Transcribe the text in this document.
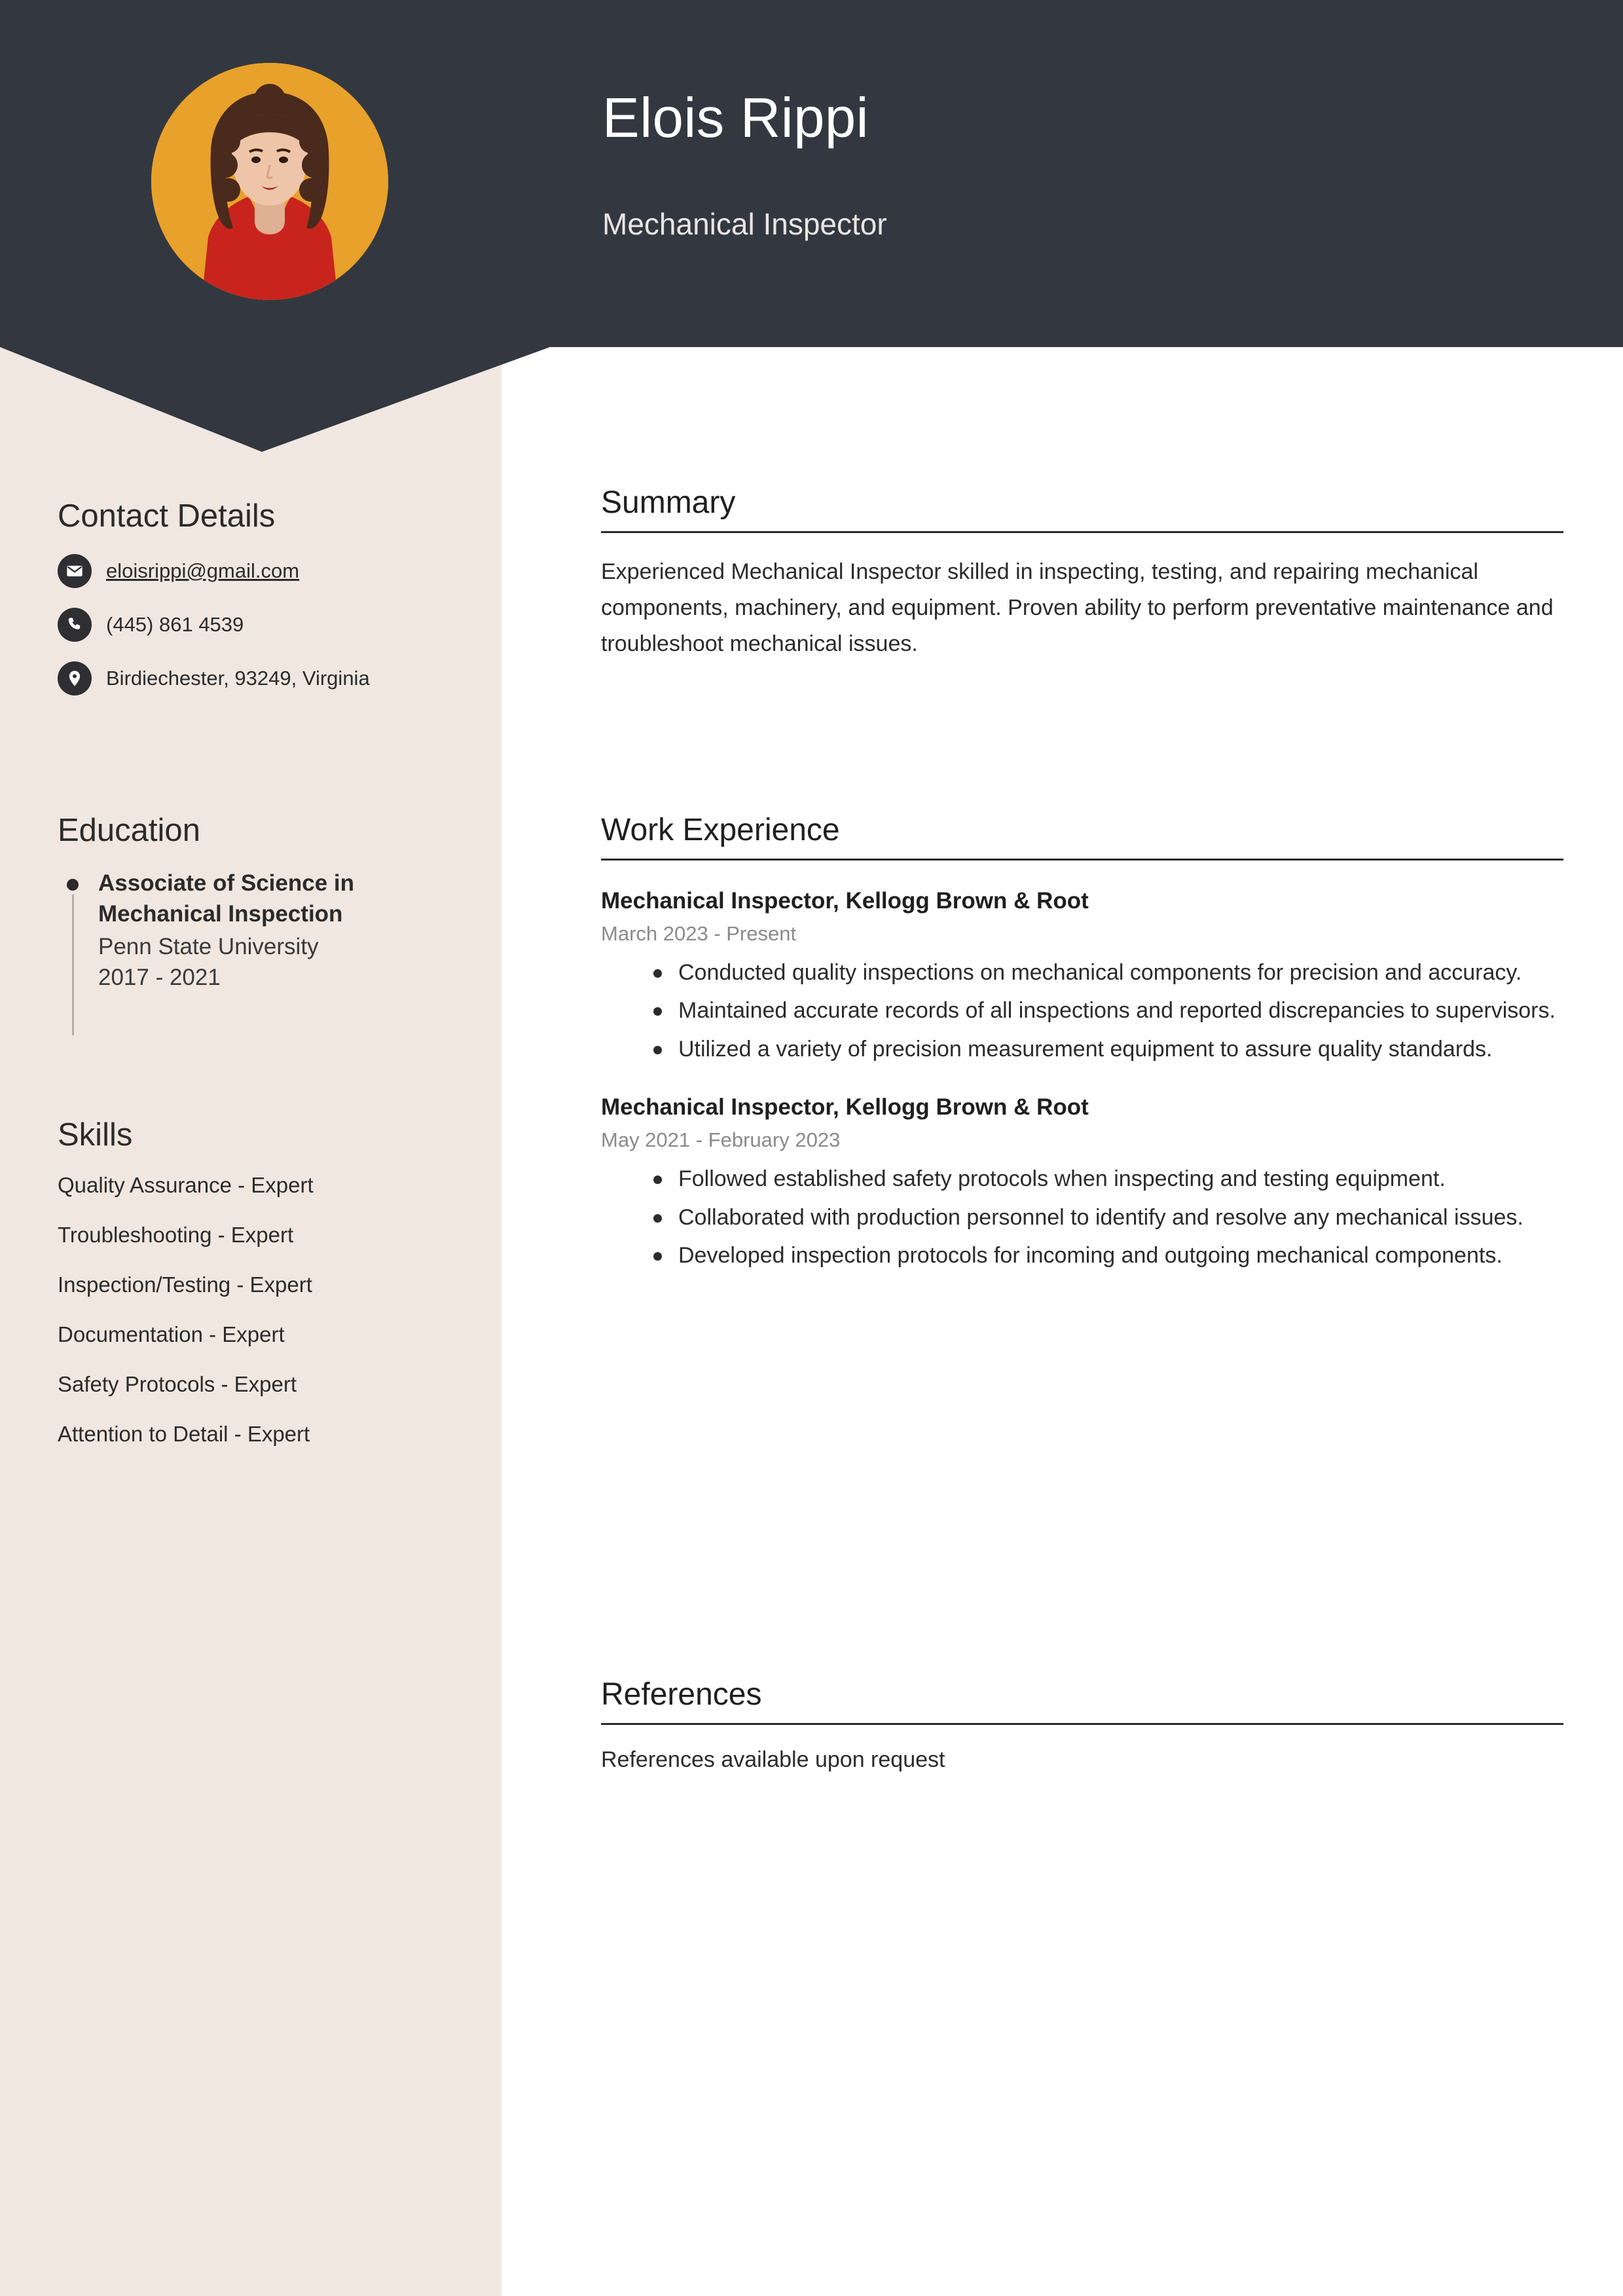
Elois Rippi
Mechanical Inspector
Contact Details
eloisrippi@gmail.com
(445) 861 4539
Birdiechester, 93249, Virginia
Education
Associate of Science in Mechanical Inspection
Penn State University
2017 - 2021
Skills
Quality Assurance - Expert
Troubleshooting - Expert
Inspection/Testing - Expert
Documentation - Expert
Safety Protocols - Expert
Attention to Detail - Expert
Summary
Experienced Mechanical Inspector skilled in inspecting, testing, and repairing mechanical components, machinery, and equipment. Proven ability to perform preventative maintenance and troubleshoot mechanical issues.
Work Experience
Mechanical Inspector, Kellogg Brown & Root
March 2023 - Present
Conducted quality inspections on mechanical components for precision and accuracy.
Maintained accurate records of all inspections and reported discrepancies to supervisors.
Utilized a variety of precision measurement equipment to assure quality standards.
Mechanical Inspector, Kellogg Brown & Root
May 2021 - February 2023
Followed established safety protocols when inspecting and testing equipment.
Collaborated with production personnel to identify and resolve any mechanical issues.
Developed inspection protocols for incoming and outgoing mechanical components.
References
References available upon request
